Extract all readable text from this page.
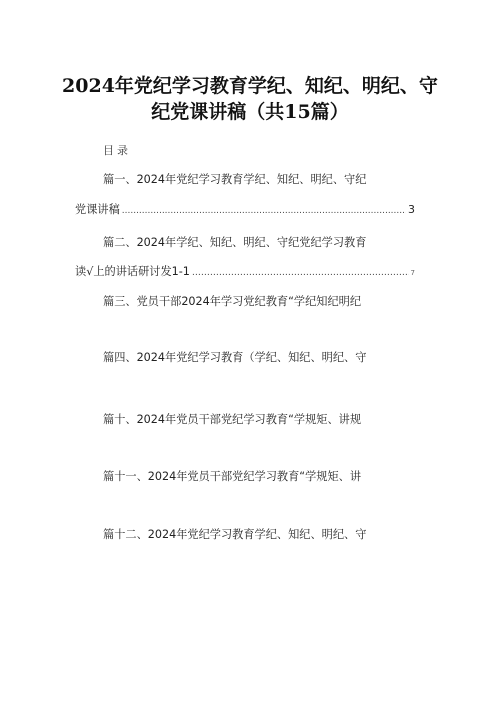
2024年党纪学习教育学纪、知纪、明纪、守
纪党课讲稿（共15篇）
目录
篇一、2024年党纪学习教育学纪、知纪、明纪、守纪
党课讲稿 .....	3
篇二、2024年学纪、知纪、明纪、守纪党纪学习教育
读√上的讲话研讨发1-1 …………………………………………………………………………………………………………	7
篇三、党员干部2024年学习党纪教育“学纪知纪明纪
篇四、2024年党纪学习教育（学纪、知纪、明纪、守
篇十、2024年党员干部党纪学习教育“学规矩、讲规
篇十一、2024年党员干部党纪学习教育“学规矩、讲
篇十二、2024年党纪学习教育学纪、知纪、明纪、守
